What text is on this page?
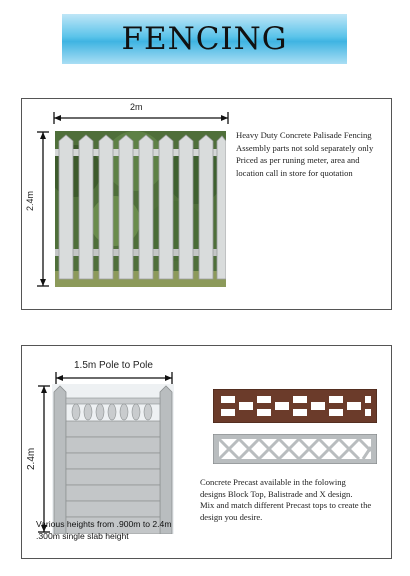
FENCING
2m
2.4m
Heavy Duty Concrete Palisade Fencing
Assembly parts not sold separately only
Priced as per runing meter, area and
location call in store for quotation
1.5m Pole to Pole
2.4m
Various heights from .900m to 2.4m
.300m single slab height
Concrete Precast available in the folowing
designs Block Top, Balistrade and X design.
Mix and match different Precast tops to create the
design you desire.
